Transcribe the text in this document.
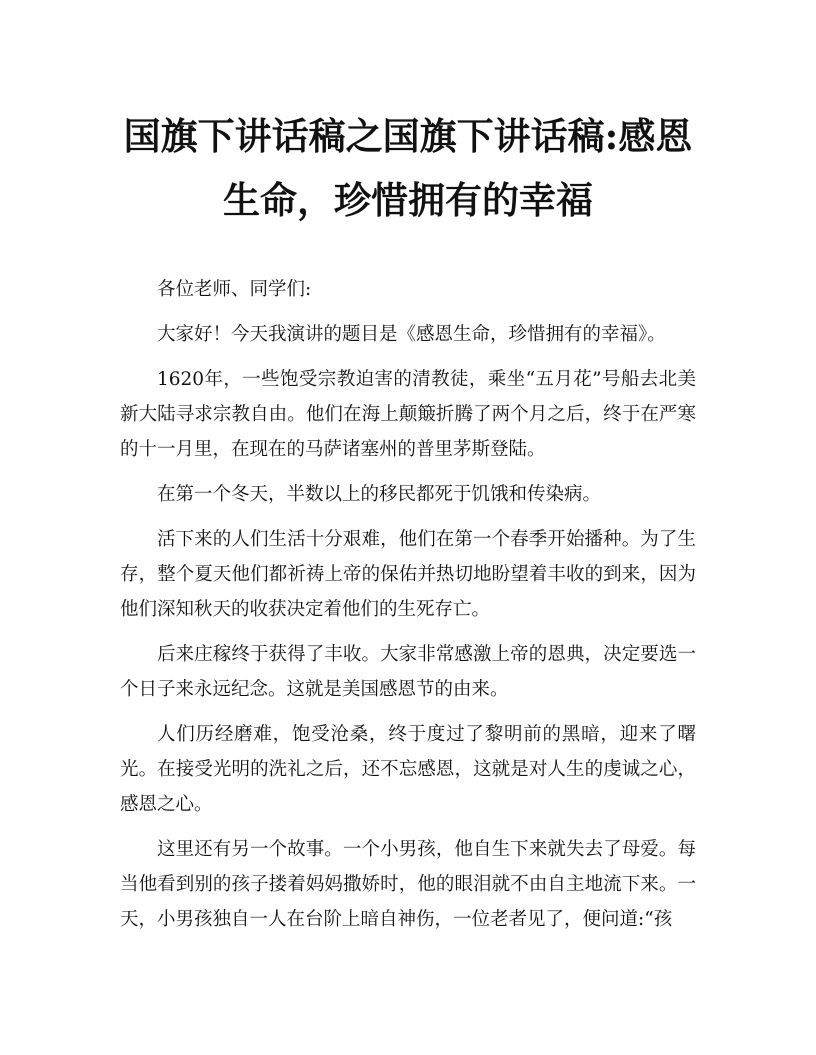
国旗下讲话稿之国旗下讲话稿:感恩生命，珍惜拥有的幸福

各位老师、同学们:

大家好！今天我演讲的题目是《感恩生命，珍惜拥有的幸福》。

1620年，一些饱受宗教迫害的清教徒，乘坐“五月花”号船去北美新大陆寻求宗教自由。他们在海上颠簸折腾了两个月之后，终于在严寒的十一月里，在现在的马萨诸塞州的普里茅斯登陆。

在第一个冬天，半数以上的移民都死于饥饿和传染病。

活下来的人们生活十分艰难，他们在第一个春季开始播种。为了生存，整个夏天他们都祈祷上帝的保佑并热切地盼望着丰收的到来，因为他们深知秋天的收获决定着他们的生死存亡。

后来庄稼终于获得了丰收。大家非常感激上帝的恩典，决定要选一个日子来永远纪念。这就是美国感恩节的由来。

人们历经磨难，饱受沧桑，终于度过了黎明前的黑暗，迎来了曙光。在接受光明的洗礼之后，还不忘感恩，这就是对人生的虔诚之心，感恩之心。

这里还有另一个故事。一个小男孩，他自生下来就失去了母爱。每当他看到别的孩子搂着妈妈撒娇时，他的眼泪就不由自主地流下来。一天，小男孩独自一人在台阶上暗自神伤，一位老者见了，便问道:“孩
